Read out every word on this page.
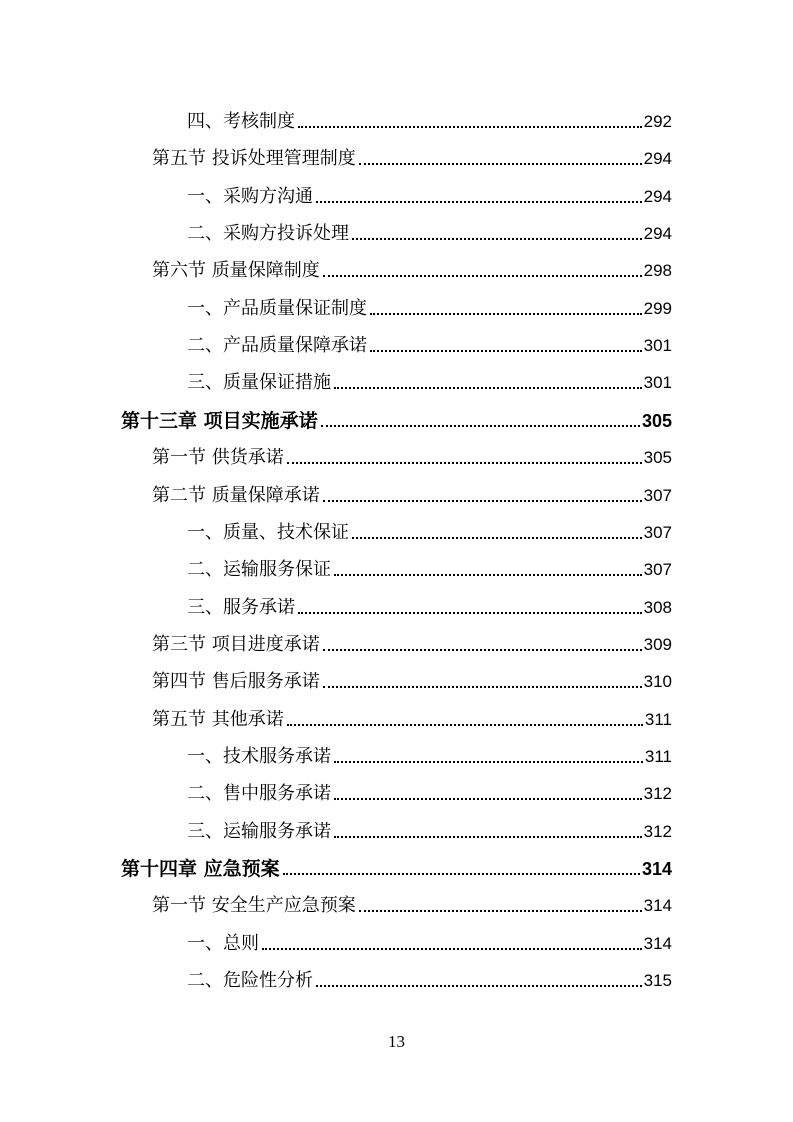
四、考核制度	292
第五节 投诉处理管理制度	294
一、采购方沟通	294
二、采购方投诉处理	294
第六节 质量保障制度	298
一、产品质量保证制度	299
二、产品质量保障承诺	301
三、质量保证措施	301
第十三章 项目实施承诺	305
第一节 供货承诺	305
第二节 质量保障承诺	307
一、质量、技术保证	307
二、运输服务保证	307
三、服务承诺	308
第三节 项目进度承诺	309
第四节 售后服务承诺	310
第五节 其他承诺	311
一、技术服务承诺	311
二、售中服务承诺	312
三、运输服务承诺	312
第十四章 应急预案	314
第一节 安全生产应急预案	314
一、总则	314
二、危险性分析	315
13
